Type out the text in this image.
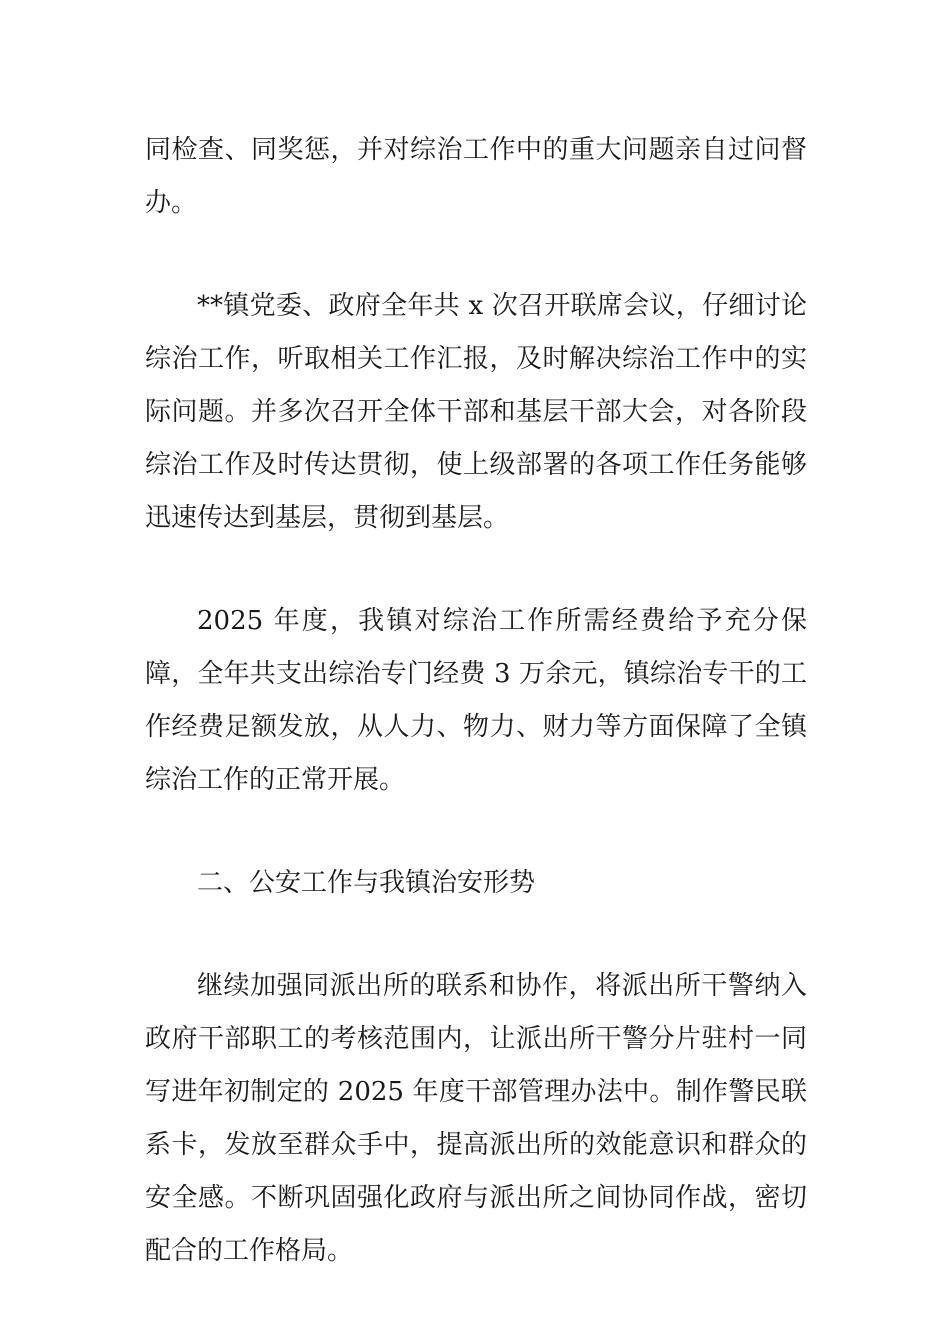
同检查、同奖惩，并对综治工作中的重大问题亲自过问督办。

**镇党委、政府全年共 x 次召开联席会议，仔细讨论综治工作，听取相关工作汇报，及时解决综治工作中的实际问题。并多次召开全体干部和基层干部大会，对各阶段综治工作及时传达贯彻，使上级部署的各项工作任务能够迅速传达到基层，贯彻到基层。

2025 年度，我镇对综治工作所需经费给予充分保障，全年共支出综治专门经费 3 万余元，镇综治专干的工作经费足额发放，从人力、物力、财力等方面保障了全镇综治工作的正常开展。

二、公安工作与我镇治安形势

继续加强同派出所的联系和协作，将派出所干警纳入政府干部职工的考核范围内，让派出所干警分片驻村一同写进年初制定的 2025 年度干部管理办法中。制作警民联系卡，发放至群众手中，提高派出所的效能意识和群众的安全感。不断巩固强化政府与派出所之间协同作战，密切配合的工作格局。
